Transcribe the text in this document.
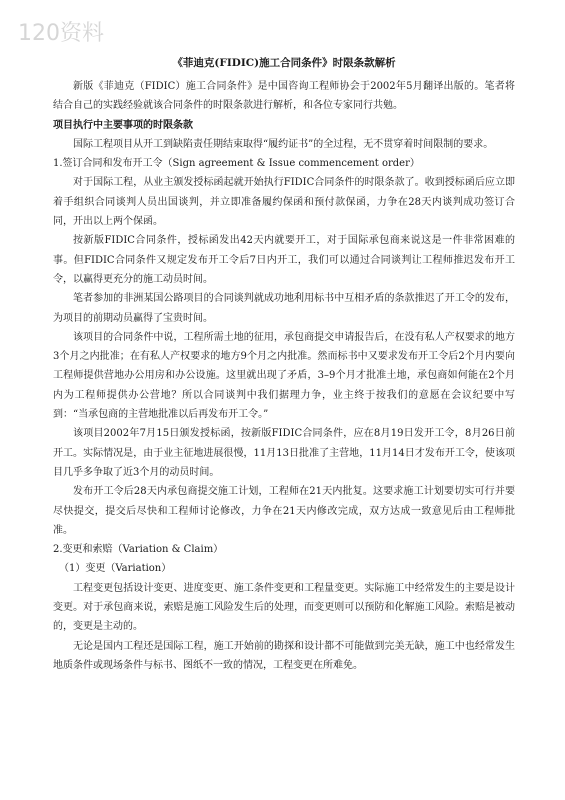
120资料
《菲迪克(FIDIC)施工合同条件》时限条款解析

新版《菲迪克（FIDIC）施工合同条件》是中国咨询工程师协会于2002年5月翻译出版的。笔者将结合自己的实践经验就该合同条件的时限条款进行解析，和各位专家同行共勉。

项目执行中主要事项的时限条款

国际工程项目从开工到缺陷责任期结束取得“履约证书”的全过程，无不贯穿着时间限制的要求。

1.签订合同和发布开工令（Sign agreement & Issue commencement order）

对于国际工程，从业主颁发授标函起就开始执行FIDIC合同条件的时限条款了。收到授标函后应立即着手组织合同谈判人员出国谈判，并立即准备履约保函和预付款保函，力争在28天内谈判成功签订合同，开出以上两个保函。

按新版FIDIC合同条件，授标函发出42天内就要开工，对于国际承包商来说这是一件非常困难的事。但FIDIC合同条件又规定发布开工令后7日内开工，我们可以通过合同谈判让工程师推迟发布开工令，以赢得更充分的施工动员时间。

笔者参加的非洲某国公路项目的合同谈判就成功地利用标书中互相矛盾的条款推迟了开工令的发布，为项目的前期动员赢得了宝贵时间。

该项目的合同条件中说，工程所需土地的征用，承包商提交申请报告后，在没有私人产权要求的地方3个月之内批准；在有私人产权要求的地方9个月之内批准。然而标书中又要求发布开工令后2个月内要向工程师提供营地办公用房和办公设施。这里就出现了矛盾，3–9个月才批准土地，承包商如何能在2个月内为工程师提供办公营地？所以合同谈判中我们据理力争，业主终于按我们的意愿在会议纪要中写到：“当承包商的主营地批准以后再发布开工令。”

该项目2002年7月15日颁发授标函，按新版FIDIC合同条件，应在8月19日发开工令，8月26日前开工。实际情况是，由于业主征地进展很慢，11月13日批准了主营地，11月14日才发布开工令，使该项目几乎多争取了近3个月的动员时间。

发布开工令后28天内承包商提交施工计划，工程师在21天内批复。这要求施工计划要切实可行并要尽快提交，提交后尽快和工程师讨论修改，力争在21天内修改完成，双方达成一致意见后由工程师批准。

2.变更和索赔（Variation & Claim）

（1）变更（Variation）

工程变更包括设计变更、进度变更、施工条件变更和工程量变更。实际施工中经常发生的主要是设计变更。对于承包商来说，索赔是施工风险发生后的处理，而变更则可以预防和化解施工风险。索赔是被动的，变更是主动的。

无论是国内工程还是国际工程，施工开始前的勘探和设计都不可能做到完美无缺，施工中也经常发生地质条件或现场条件与标书、图纸不一致的情况，工程变更在所难免。
